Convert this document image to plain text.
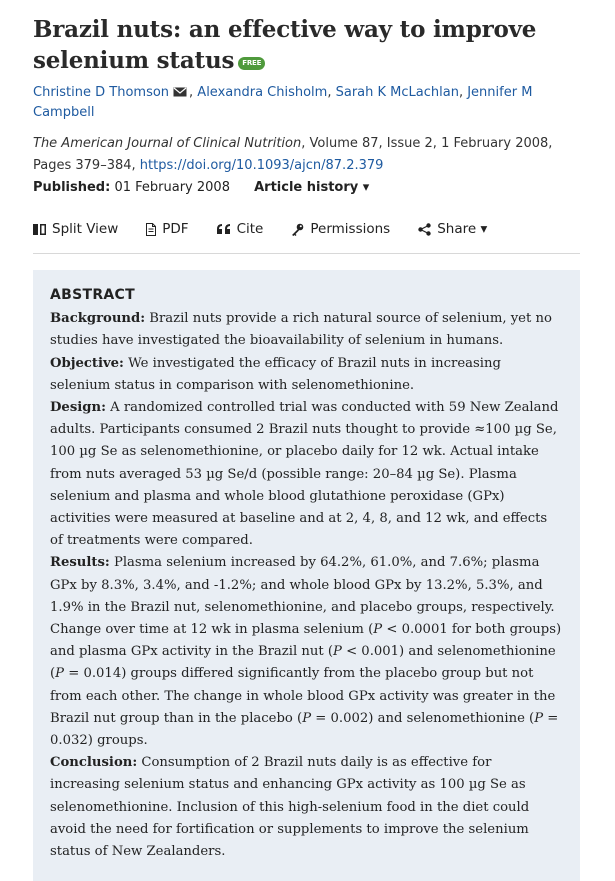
Brazil nuts: an effective way to improve selenium status FREE
Christine D Thomson , Alexandra Chisholm, Sarah K McLachlan, Jennifer M Campbell
The American Journal of Clinical Nutrition, Volume 87, Issue 2, 1 February 2008, Pages 379–384, https://doi.org/10.1093/ajcn/87.2.379
Published: 01 February 2008 Article history ▾
Split View	PDF	Cite	Permissions	Share ▾
ABSTRACT

Background: Brazil nuts provide a rich natural source of selenium, yet no studies have investigated the bioavailability of selenium in humans.

Objective: We investigated the efficacy of Brazil nuts in increasing selenium status in comparison with selenomethionine.

Design: A randomized controlled trial was conducted with 59 New Zealand adults. Participants consumed 2 Brazil nuts thought to provide ≈100 µg Se, 100 µg Se as selenomethionine, or placebo daily for 12 wk. Actual intake from nuts averaged 53 µg Se/d (possible range: 20–84 µg Se). Plasma selenium and plasma and whole blood glutathione peroxidase (GPx) activities were measured at baseline and at 2, 4, 8, and 12 wk, and effects of treatments were compared.

Results: Plasma selenium increased by 64.2%, 61.0%, and 7.6%; plasma GPx by 8.3%, 3.4%, and -1.2%; and whole blood GPx by 13.2%, 5.3%, and 1.9% in the Brazil nut, selenomethionine, and placebo groups, respectively. Change over time at 12 wk in plasma selenium (P < 0.0001 for both groups) and plasma GPx activity in the Brazil nut (P < 0.001) and selenomethionine (P = 0.014) groups differed significantly from the placebo group but not from each other. The change in whole blood GPx activity was greater in the Brazil nut group than in the placebo (P = 0.002) and selenomethionine (P = 0.032) groups.

Conclusion: Consumption of 2 Brazil nuts daily is as effective for increasing selenium status and enhancing GPx activity as 100 µg Se as selenomethionine. Inclusion of this high-selenium food in the diet could avoid the need for fortification or supplements to improve the selenium status of New Zealanders.
